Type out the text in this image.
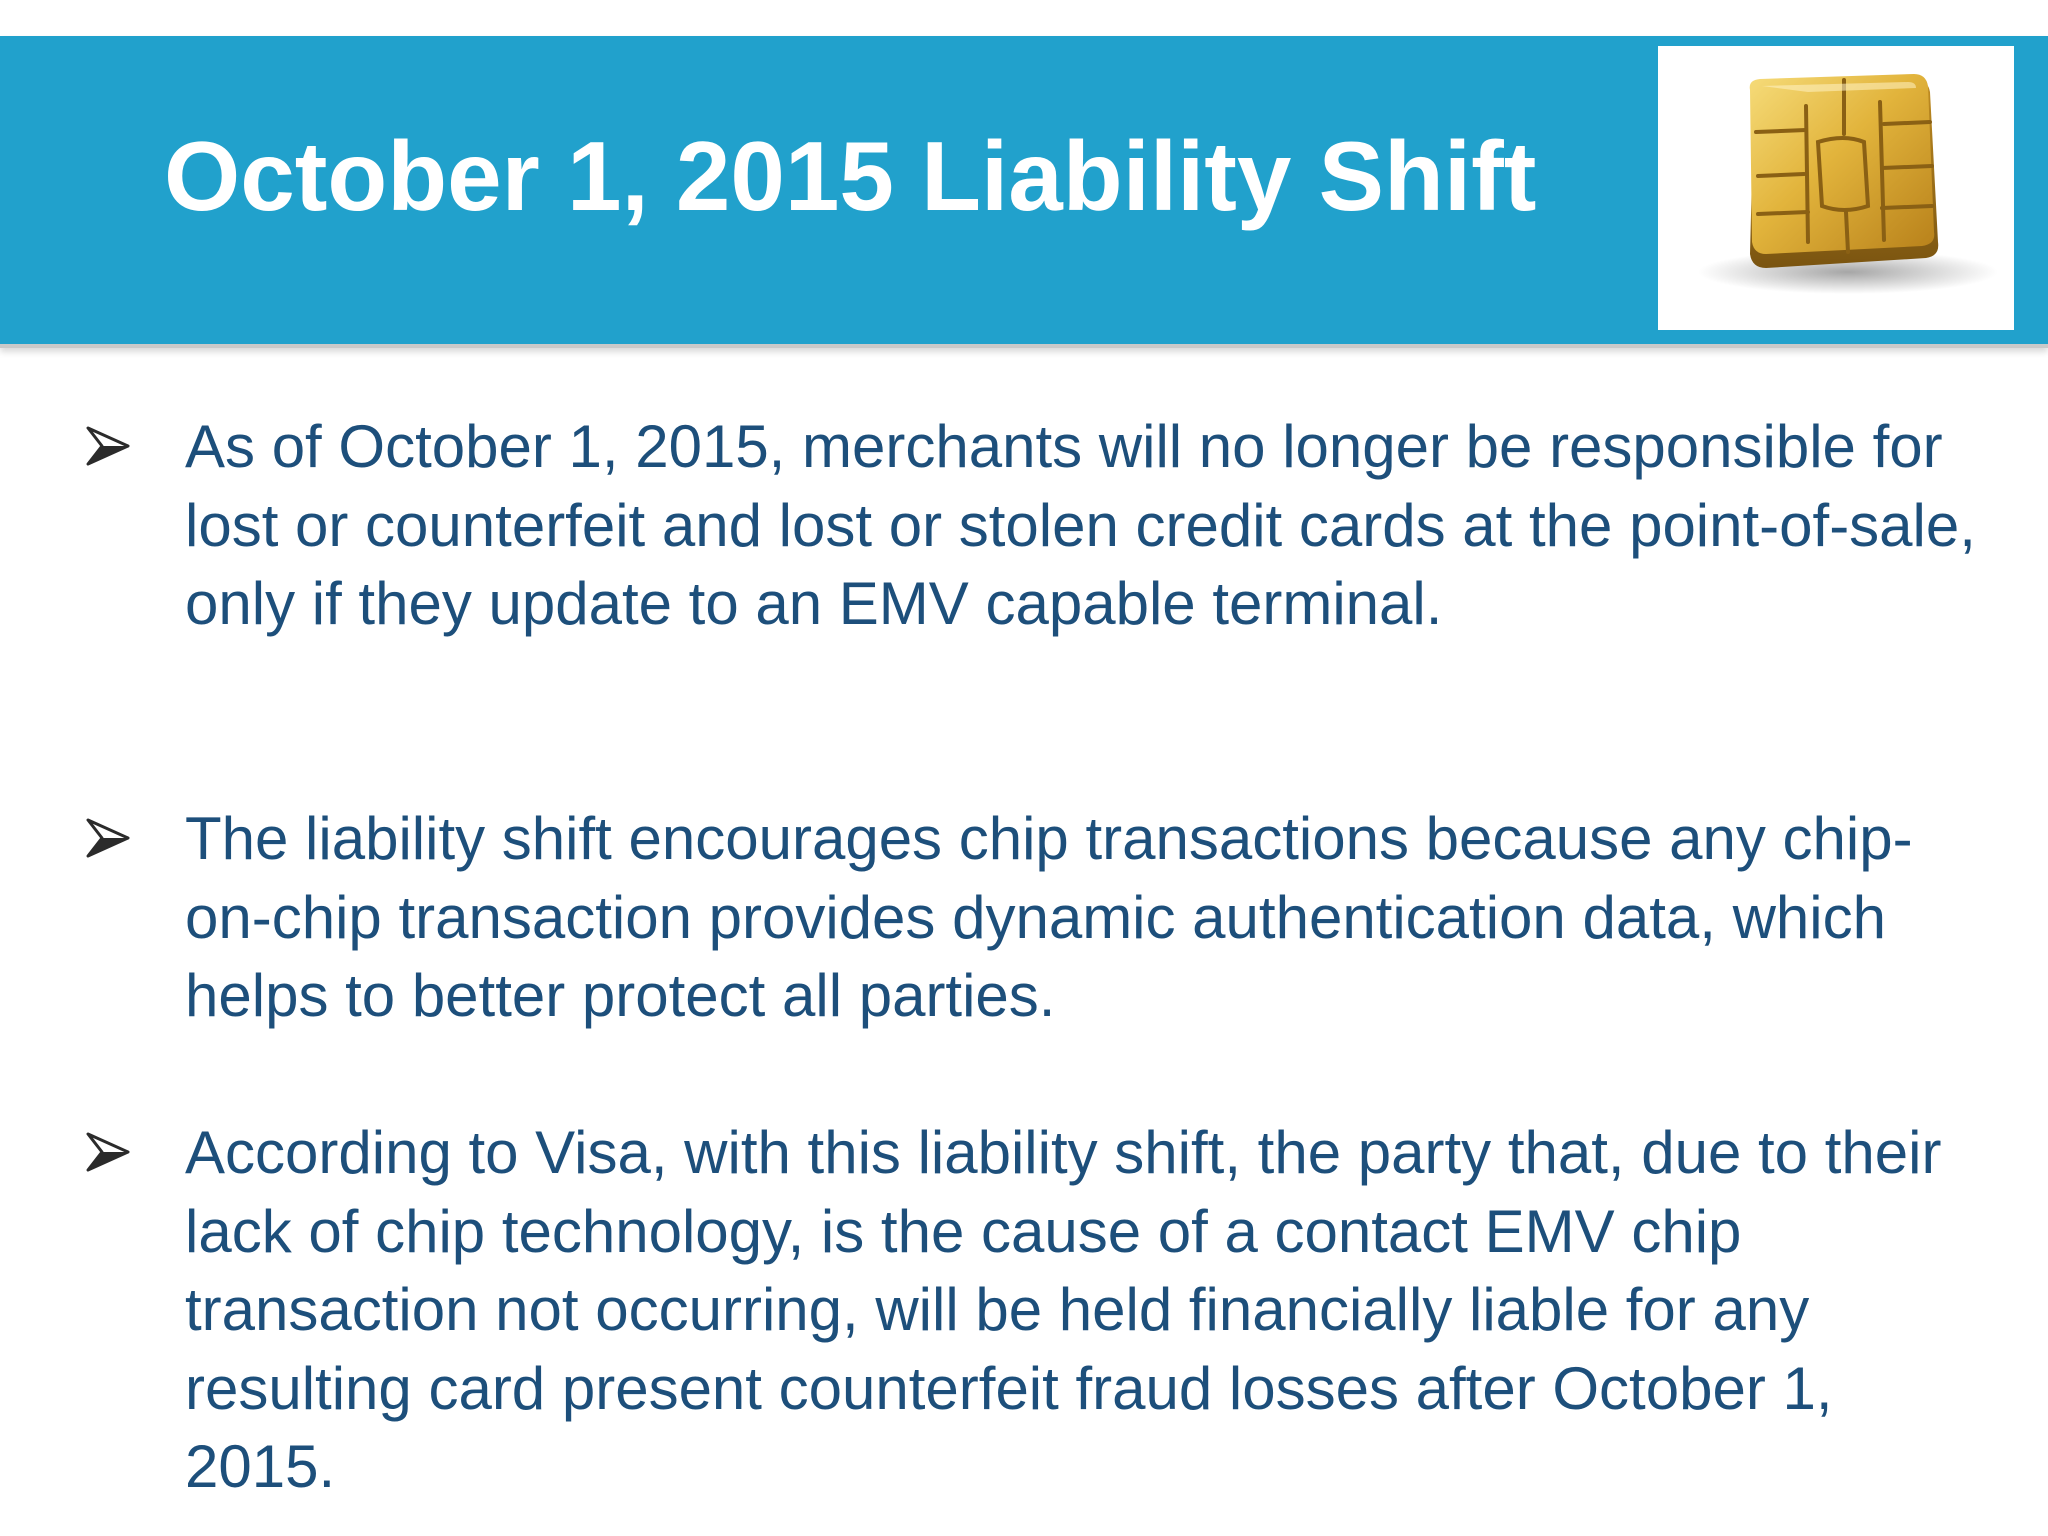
October 1, 2015 Liability Shift

As of October 1, 2015, merchants will no longer be responsible for lost or counterfeit and lost or stolen credit cards at the point-of-sale, only if they update to an EMV capable terminal.

The liability shift encourages chip transactions because any chip-on-chip transaction provides dynamic authentication data, which helps to better protect all parties.

According to Visa, with this liability shift, the party that, due to their lack of chip technology, is the cause of a contact EMV chip transaction not occurring, will be held financially liable for any resulting card present counterfeit fraud losses after October 1, 2015.
